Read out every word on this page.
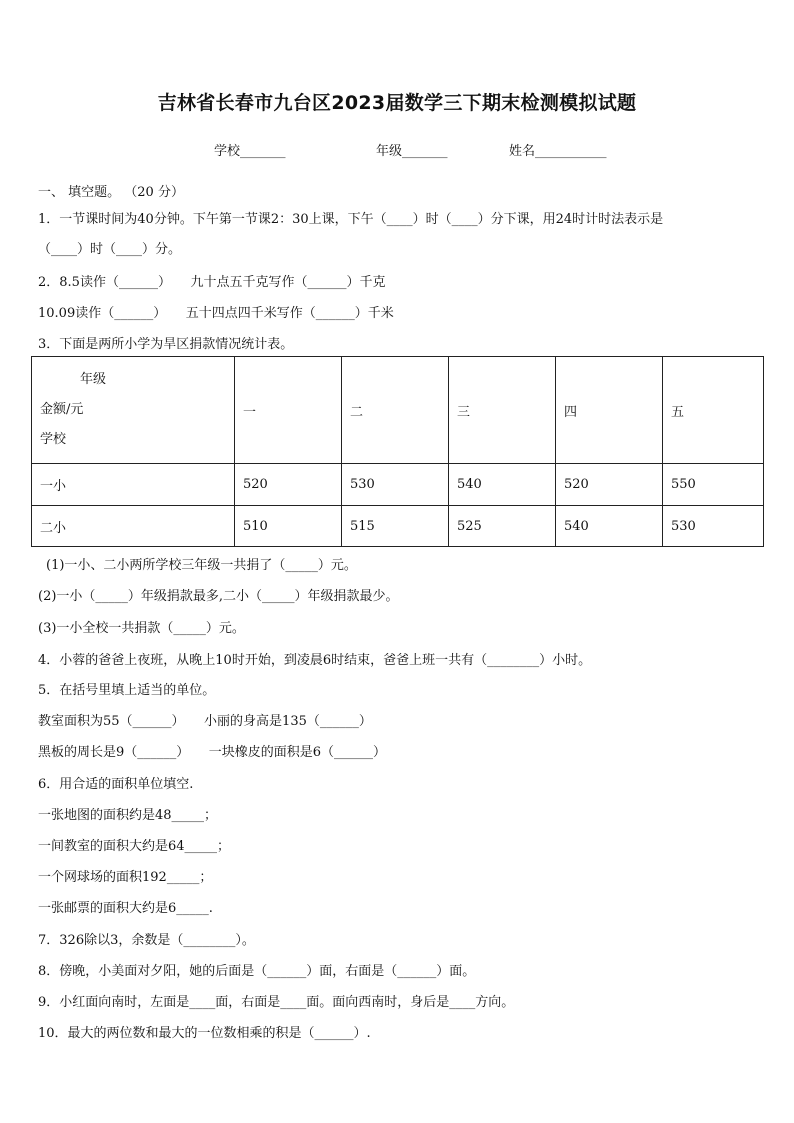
吉林省长春市九台区2023届数学三下期末检测模拟试题
学校_______	年级_______	姓名___________
一、 填空题。 （20 分）
1．一节课时间为40分钟。下午第一节课2：30上课，下午（____）时（____）分下课，用24时计时法表示是
（____）时（____）分。
2．8.5读作（______）　　九十点五千克写作（______）千克
10.09读作（______）　　五十四点四千米写作（______）千米
3．下面是两所小学为旱区捐款情况统计表。
年级
金额/元
学校	一	二	三	四	五
一小	520	530	540	520	550
二小	510	515	525	540	530
(1)一小、二小两所学校三年级一共捐了（_____）元。
(2)一小（_____）年级捐款最多,二小（_____）年级捐款最少。
(3)一小全校一共捐款（_____）元。
4．小蓉的爸爸上夜班，从晚上10时开始，到凌晨6时结束，爸爸上班一共有（________）小时。
5．在括号里填上适当的单位。
教室面积为55（______）　　小丽的身高是135（______）
黑板的周长是9（______）　　一块橡皮的面积是6（______）
6．用合适的面积单位填空.
一张地图的面积约是48_____；
一间教室的面积大约是64_____；
一个网球场的面积192_____；
一张邮票的面积大约是6_____.
7．326除以3，余数是（________）。
8．傍晚，小美面对夕阳，她的后面是（______）面，右面是（______）面。
9．小红面向南时，左面是____面，右面是____面。面向西南时，身后是____方向。
10．最大的两位数和最大的一位数相乘的积是（______）.
